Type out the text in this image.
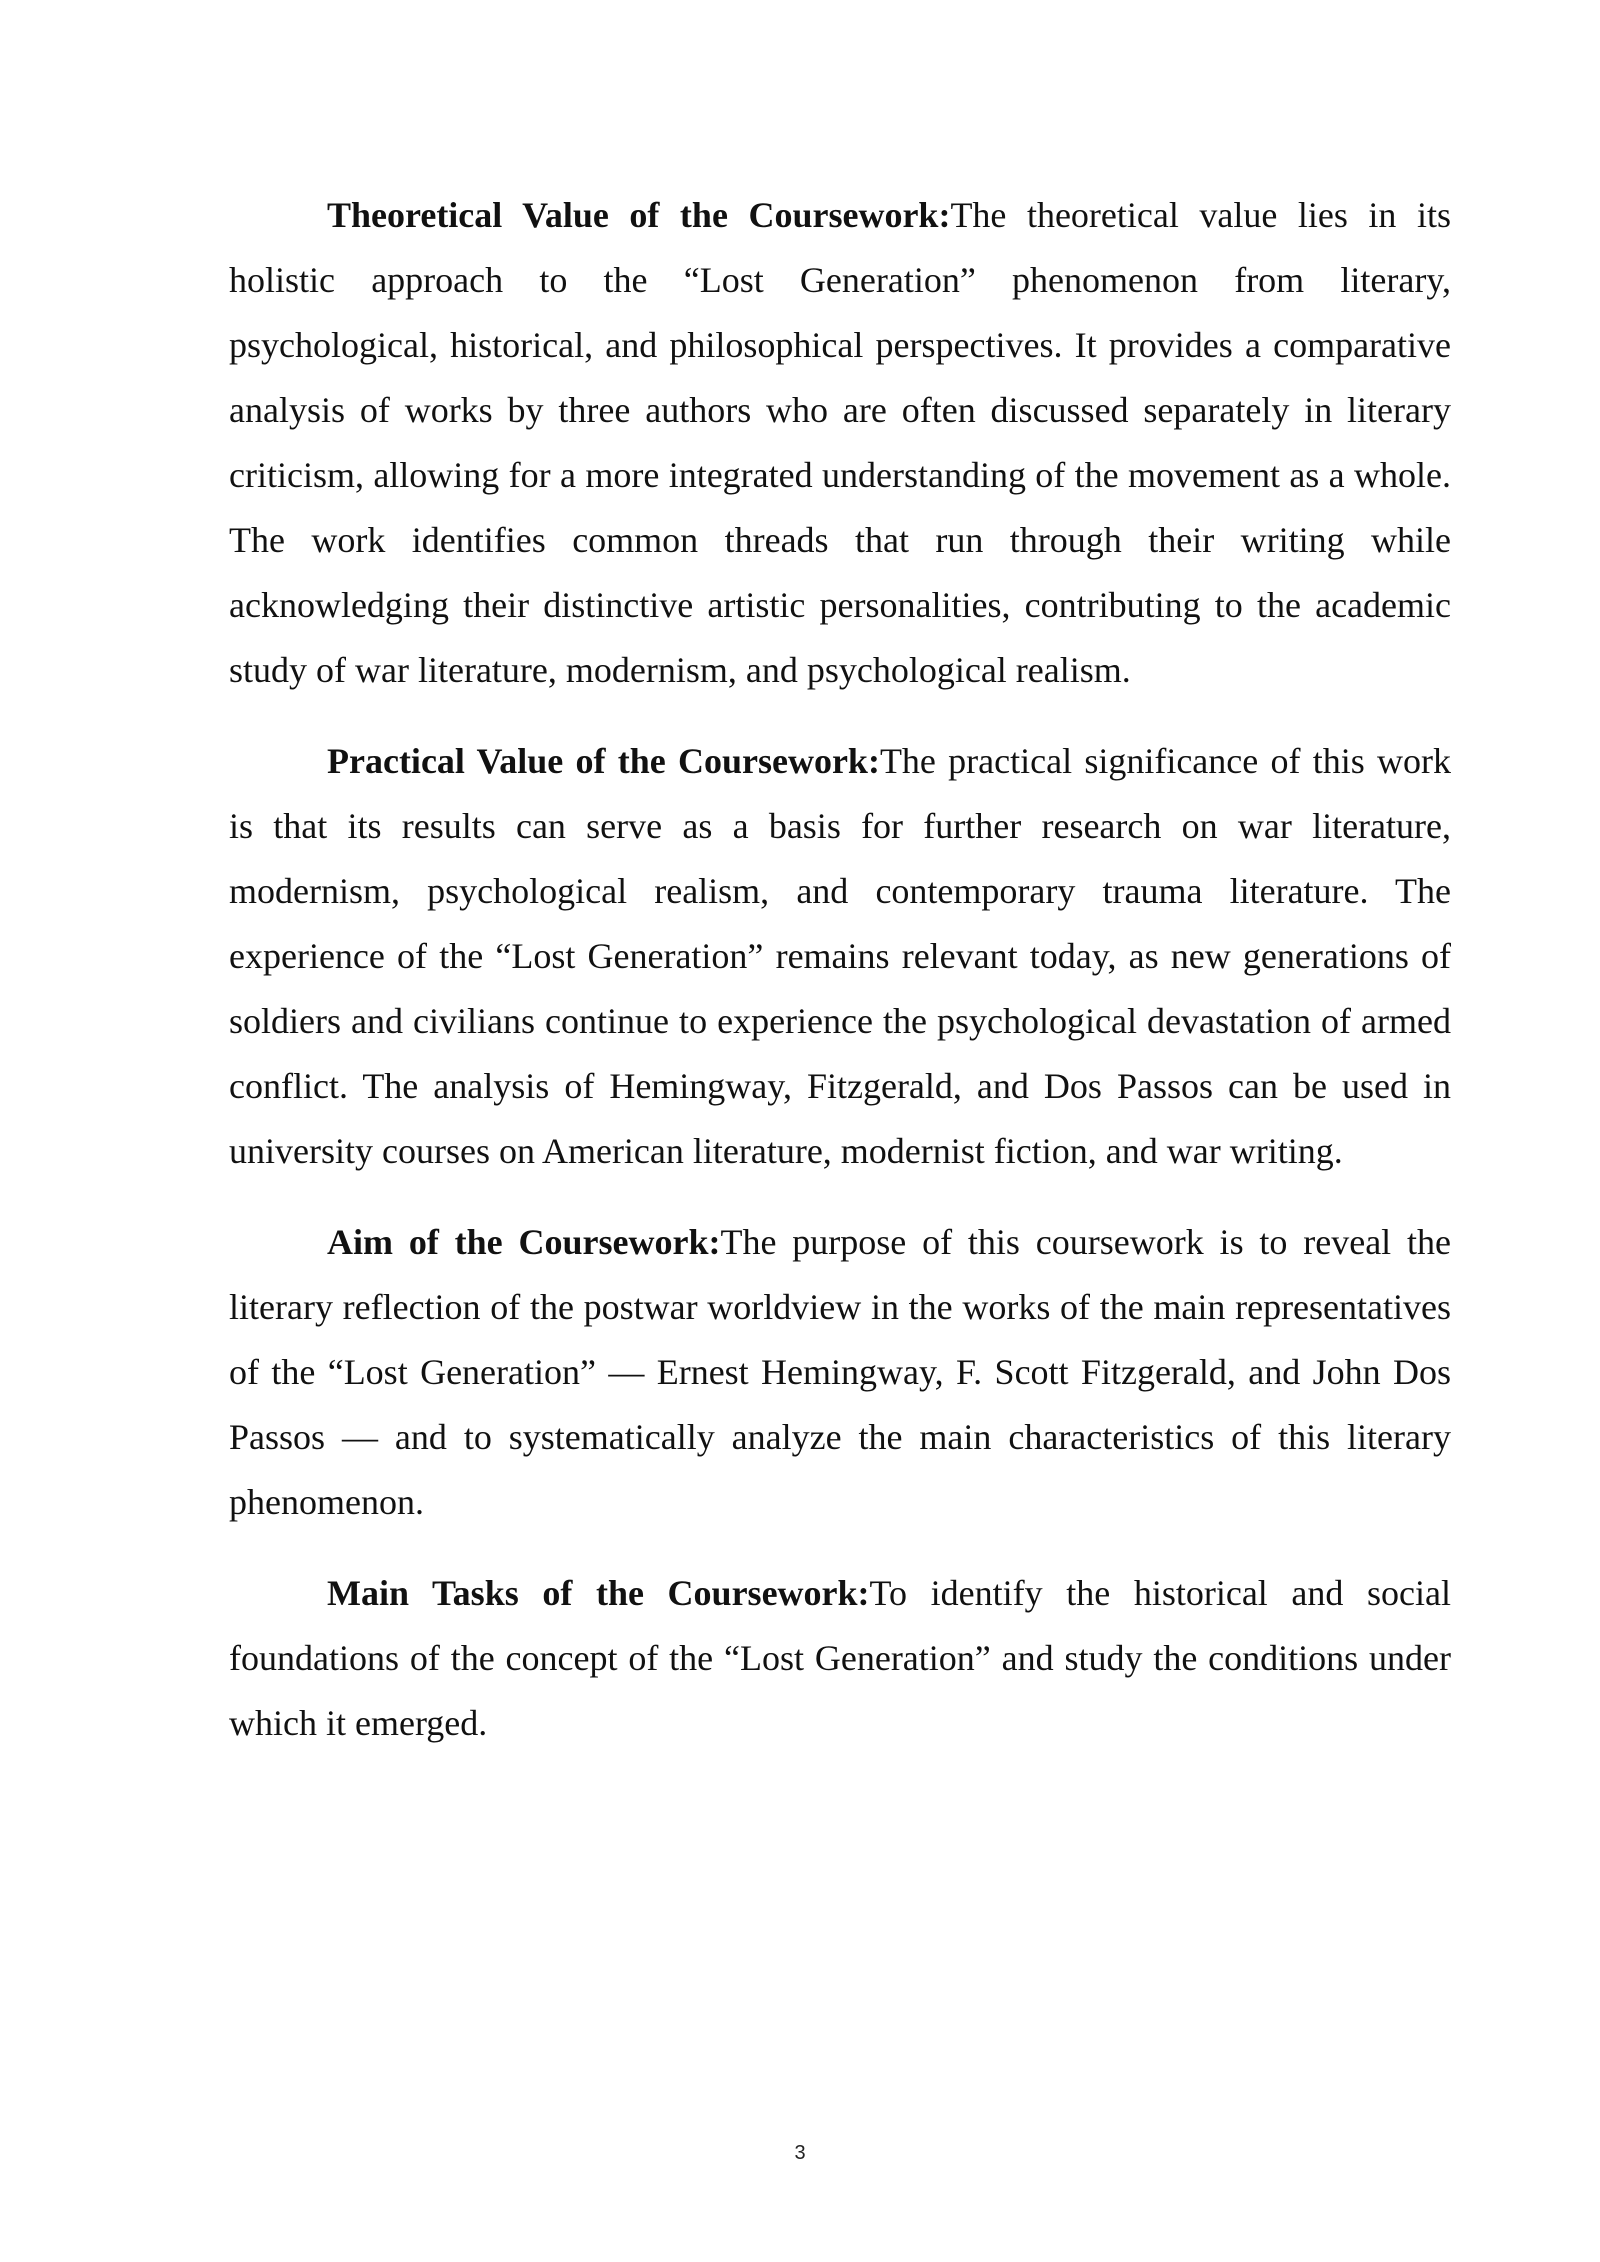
Theoretical Value of the Coursework:The theoretical value lies in its holistic approach to the “Lost Generation” phenomenon from literary, psychological, historical, and philosophical perspectives. It provides a comparative analysis of works by three authors who are often discussed separately in literary criticism, allowing for a more integrated understanding of the movement as a whole. The work identifies common threads that run through their writing while acknowledging their distinctive artistic personalities, contributing to the academic study of war literature, modernism, and psychological realism.

Practical Value of the Coursework:The practical significance of this work is that its results can serve as a basis for further research on war literature, modernism, psychological realism, and contemporary trauma literature. The experience of the “Lost Generation” remains relevant today, as new generations of soldiers and civilians continue to experience the psychological devastation of armed conflict. The analysis of Hemingway, Fitzgerald, and Dos Passos can be used in university courses on American literature, modernist fiction, and war writing.

Aim of the Coursework:The purpose of this coursework is to reveal the literary reflection of the postwar worldview in the works of the main representatives of the “Lost Generation” — Ernest Hemingway, F. Scott Fitzgerald, and John Dos Passos — and to systematically analyze the main characteristics of this literary phenomenon.

Main Tasks of the Coursework:To identify the historical and social foundations of the concept of the “Lost Generation” and study the conditions under which it emerged.

3
